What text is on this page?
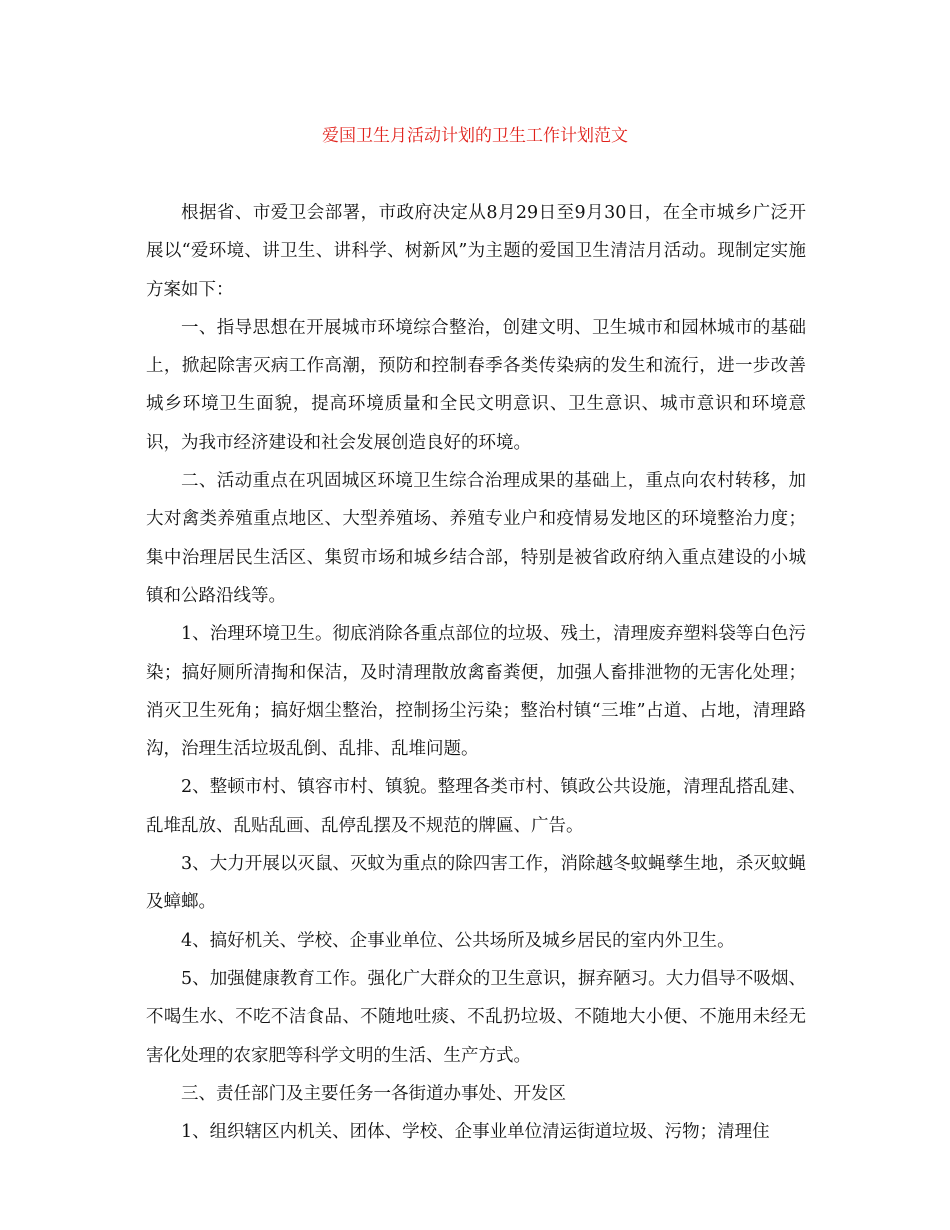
爱国卫生月活动计划的卫生工作计划范文

根据省、市爱卫会部署，市政府决定从8月29日至9月30日，在全市城乡广泛开展以“爱环境、讲卫生、讲科学、树新风”为主题的爱国卫生清洁月活动。现制定实施方案如下：

一、指导思想在开展城市环境综合整治，创建文明、卫生城市和园林城市的基础上，掀起除害灭病工作高潮，预防和控制春季各类传染病的发生和流行，进一步改善城乡环境卫生面貌，提高环境质量和全民文明意识、卫生意识、城市意识和环境意识，为我市经济建设和社会发展创造良好的环境。

二、活动重点在巩固城区环境卫生综合治理成果的基础上，重点向农村转移，加大对禽类养殖重点地区、大型养殖场、养殖专业户和疫情易发地区的环境整治力度；集中治理居民生活区、集贸市场和城乡结合部，特别是被省政府纳入重点建设的小城镇和公路沿线等。

1、治理环境卫生。彻底消除各重点部位的垃圾、残土，清理废弃塑料袋等白色污染；搞好厕所清掏和保洁，及时清理散放禽畜粪便，加强人畜排泄物的无害化处理；消灭卫生死角；搞好烟尘整治，控制扬尘污染；整治村镇“三堆”占道、占地，清理路沟，治理生活垃圾乱倒、乱排、乱堆问题。

2、整顿市村、镇容市村、镇貌。整理各类市村、镇政公共设施，清理乱搭乱建、乱堆乱放、乱贴乱画、乱停乱摆及不规范的牌匾、广告。

3、大力开展以灭鼠、灭蚊为重点的除四害工作，消除越冬蚊蝇孳生地，杀灭蚊蝇及蟑螂。

4、搞好机关、学校、企事业单位、公共场所及城乡居民的室内外卫生。

5、加强健康教育工作。强化广大群众的卫生意识，摒弃陋习。大力倡导不吸烟、不喝生水、不吃不洁食品、不随地吐痰、不乱扔垃圾、不随地大小便、不施用未经无害化处理的农家肥等科学文明的生活、生产方式。

三、责任部门及主要任务一各街道办事处、开发区

1、组织辖区内机关、团体、学校、企事业单位清运街道垃圾、污物；清理住
